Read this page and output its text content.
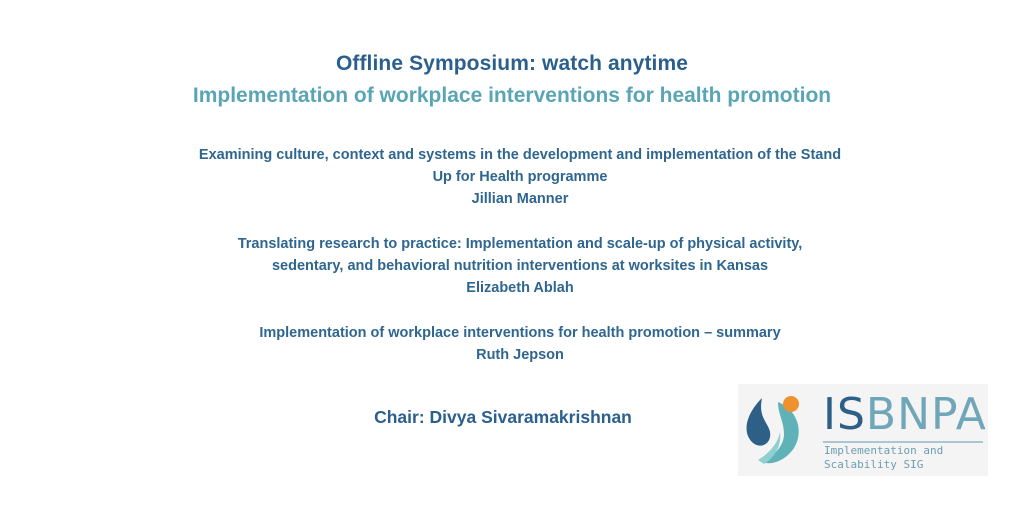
Offline Symposium: watch anytime
Implementation of workplace interventions for health promotion
Examining culture, context and systems in the development and implementation of the Stand
Up for Health programme
Jillian Manner
Translating research to practice: Implementation and scale-up of physical activity,
sedentary, and behavioral nutrition interventions at worksites in Kansas
Elizabeth Ablah
Implementation of workplace interventions for health promotion – summary
Ruth Jepson
Chair: Divya Sivaramakrishnan	ISBNPA
Implementation and
Scalability SIG
